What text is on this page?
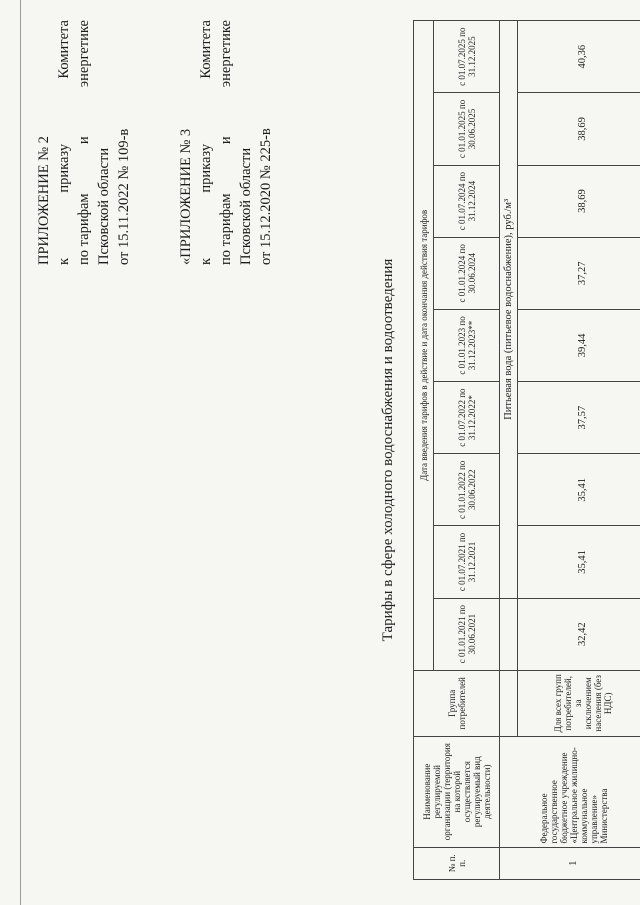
ПРИЛОЖЕНИЕ № 2 к
приказу
Комитета
по тарифам
и
энергетике
Псковской области от 15.11.2022 № 109-в	«ПРИЛОЖЕНИЕ № 3 к
приказу
Комитета
по тарифам
и
энергетике
Псковской области от 15.12.2020 № 225-в
Тарифы в сфере холодного водоснабжения и водоотведения
№ п. п.	Наименование регулируемой организации (территория на которой осуществляется регулируемый вид деятельности)	Группа потребителей	Дата введения тарифов в действие и дата окончания действия тарифов								
			с 01.01.2021 по 30.06.2021	с 01.07.2021 по 31.12.2021	с 01.01.2022 по 30.06.2022	с 01.07.2022 по 31.12.2022*	с 01.01.2023 по 31.12.2023**	с 01.01.2024 по 30.06.2024	с 01.07.2024 по 31.12.2024	с 01.01.2025 по 30.06.2025	с 01.07.2025 по 31.12.2025
1	Федеральное государственное бюджетное учреждение «Центральное жилищно-коммунальное управление» Министерства			Питьевая вода (питьевое водоснабжение), руб./м³							
		Для всех групп потребителей, за исключением населения (без НДС)	32,42	35,41	35,41	37,57	39,44	37,27	38,69	38,69	40,36
